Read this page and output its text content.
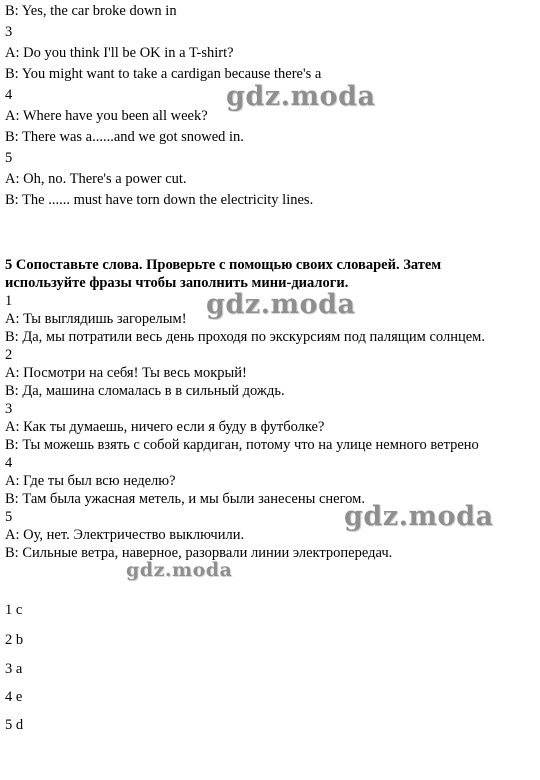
B: Yes, the car broke down in

3

A: Do you think I'll be OK in a T-shirt?

B: You might want to take a cardigan because there's a

4

A: Where have you been all week?

B: There was a......and we got snowed in.

5

A: Oh, no. There's a power cut.

B: The ...... must have torn down the electricity lines.

5 Сопоставьте слова. Проверьте с помощью своих словарей. Затем

используйте фразы чтобы заполнить мини-диалоги.

1

A: Ты выглядишь загорелым!

B: Да, мы потратили весь день проходя по экскурсиям под палящим солнцем.

2

A: Посмотри на себя! Ты весь мокрый!

B: Да, машина сломалась в в сильный дождь.

3

A: Как ты думаешь, ничего если я буду в футболке?

B: Ты можешь взять с собой кардиган, потому что на улице немного ветрено

4

A: Где ты был всю неделю?

B: Там была ужасная метель, и мы были занесены снегом.

5

A: Оу, нет. Электричество выключили.

B: Сильные ветра, наверное, разорвали линии электропередач.

1 c

2 b

3 a

4 e

5 d

gdz.moda
gdz.moda
gdz.moda
gdz.moda
